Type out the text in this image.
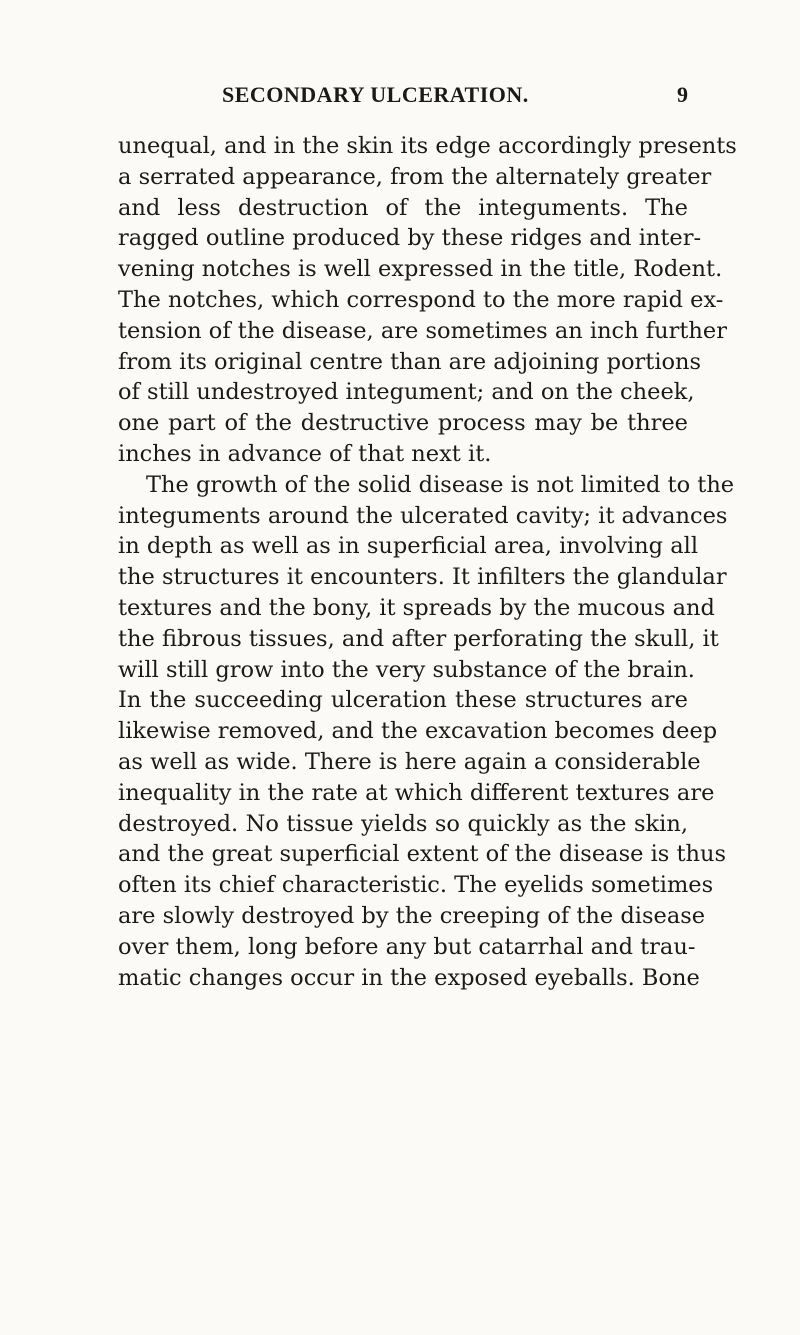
SECONDARY ULCERATION.	9
unequal, and in the skin its edge accordingly presents
a serrated appearance, from the alternately greater
and less destruction of the integuments. The
ragged outline produced by these ridges and inter-
vening notches is well expressed in the title, Rodent.
The notches, which correspond to the more rapid ex-
tension of the disease, are sometimes an inch further
from its original centre than are adjoining portions
of still undestroyed integument; and on the cheek,
one part of the destructive process may be three
inches in advance of that next it.
The growth of the solid disease is not limited to the
integuments around the ulcerated cavity; it advances
in depth as well as in superficial area, involving all
the structures it encounters. It infilters the glandular
textures and the bony, it spreads by the mucous and
the fibrous tissues, and after perforating the skull, it
will still grow into the very substance of the brain.
In the succeeding ulceration these structures are
likewise removed, and the excavation becomes deep
as well as wide. There is here again a considerable
inequality in the rate at which different textures are
destroyed. No tissue yields so quickly as the skin,
and the great superficial extent of the disease is thus
often its chief characteristic. The eyelids sometimes
are slowly destroyed by the creeping of the disease
over them, long before any but catarrhal and trau-
matic changes occur in the exposed eyeballs. Bone
